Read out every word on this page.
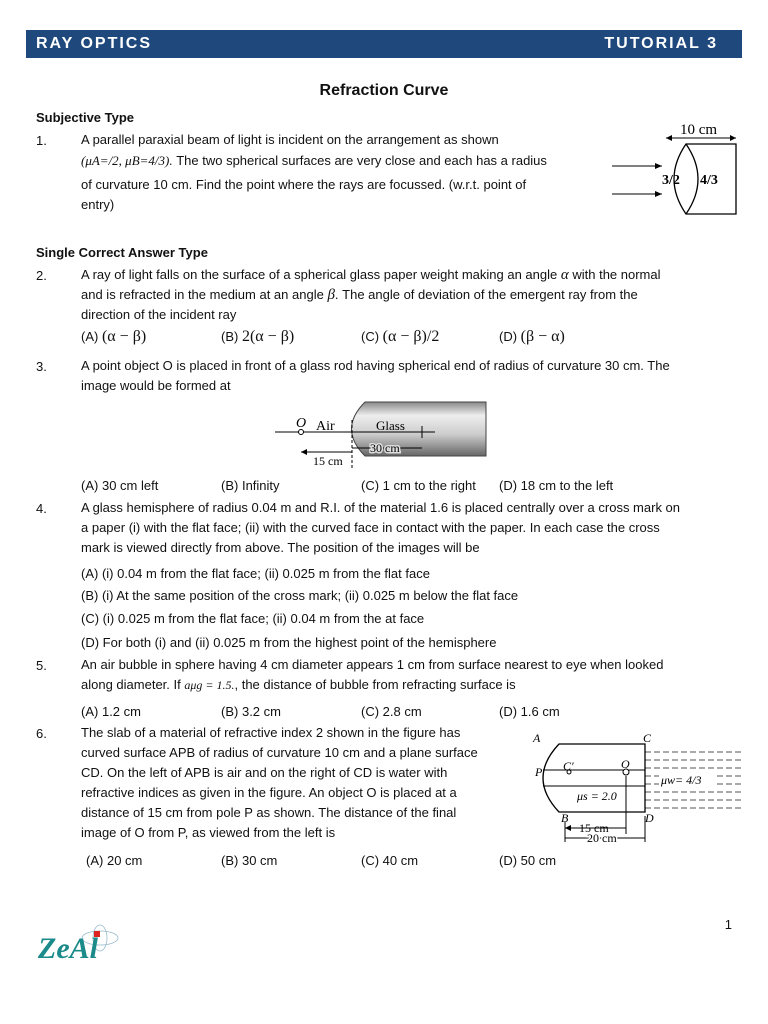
RAY OPTICS	TUTORIAL 3
Refraction Curve
Subjective Type
1.	A parallel paraxial beam of light is incident on the arrangement as shown
(μA=/2, μB=4/3). The two spherical surfaces are very close and each has a radius
of curvature 10 cm. Find the point where the rays are focussed. (w.r.t. point of
entry)
10 cm
3/2 4/3
Single Correct Answer Type
2.	A ray of light falls on the surface of a spherical glass paper weight making an angle α with the normal
and is refracted in the medium at an angle β. The angle of deviation of the emergent ray from the
direction of the incident ray
(A) (α − β)	(B) 2(α − β)	(C) (α − β)/2	(D) (β − α)
3.	A point object O is placed in front of a glass rod having spherical end of radius of curvature 30 cm. The
image would be formed at
O Air	Glass
30 cm
15 cm
(A) 30 cm left	(B) Infinity	(C) 1 cm to the right (D) 18 cm to the left
4.	A glass hemisphere of radius 0.04 m and R.I. of the material 1.6 is placed centrally over a cross mark on
a paper (i) with the flat face; (ii) with the curved face in contact with the paper. In each case the cross
mark is viewed directly from above. The position of the images will be
(A) (i) 0.04 m from the flat face; (ii) 0.025 m from the flat face
(B) (i) At the same position of the cross mark; (ii) 0.025 m below the flat face
(C) (i) 0.025 m from the flat face; (ii) 0.04 m from the at face
(D) For both (i) and (ii) 0.025 m from the highest point of the hemisphere
5.	An air bubble in sphere having 4 cm diameter appears 1 cm from surface nearest to eye when looked
along diameter. If aμg = 1.5., the distance of bubble from refracting surface is
(A) 1.2 cm	(B) 3.2 cm	(C) 2.8 cm	(D) 1.6 cm
6.	The slab of a material of refractive index 2 shown in the figure has
curved surface APB of radius of curvature 10 cm and a plane surface
CD. On the left of APB is air and on the right of CD is water with
refractive indices as given in the figure. An object O is placed at a
distance of 15 cm from pole P as shown. The distance of the final
image of O from P, as viewed from the left is
A	C
P C′	O
μs = 2.0
μw= 4/3
B	D
15 cm
20 cm
(A) 20 cm	(B) 30 cm	(C) 40 cm	(D) 50 cm
ZeAl
1
